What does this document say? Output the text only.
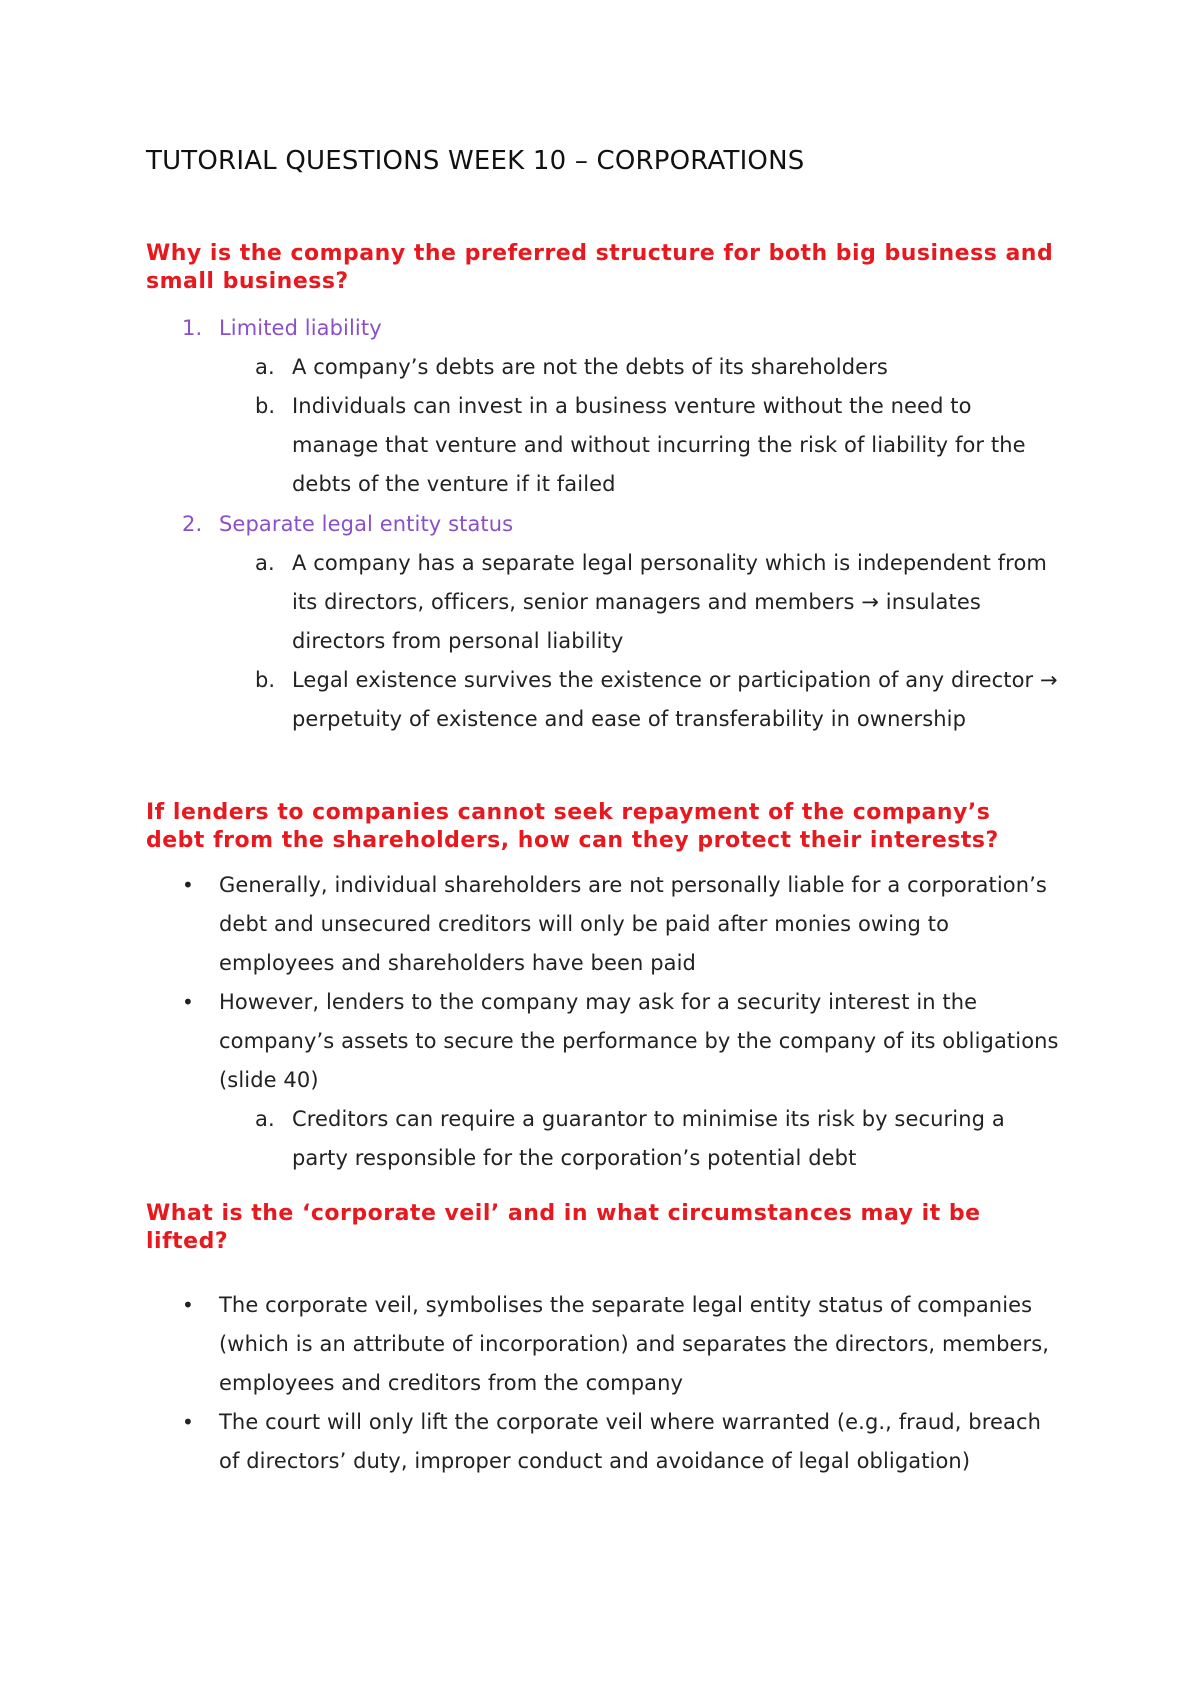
TUTORIAL QUESTIONS WEEK 10 – CORPORATIONS
Why is the company the preferred structure for both big business and small business?
1. Limited liability
a. A company’s debts are not the debts of its shareholders
b. Individuals can invest in a business venture without the need to manage that venture and without incurring the risk of liability for the debts of the venture if it failed
2. Separate legal entity status
a. A company has a separate legal personality which is independent from its directors, officers, senior managers and members → insulates directors from personal liability
b. Legal existence survives the existence or participation of any director → perpetuity of existence and ease of transferability in ownership
If lenders to companies cannot seek repayment of the company’s debt from the shareholders, how can they protect their interests?
• Generally, individual shareholders are not personally liable for a corporation’s debt and unsecured creditors will only be paid after monies owing to employees and shareholders have been paid
• However, lenders to the company may ask for a security interest in the company’s assets to secure the performance by the company of its obligations (slide 40)
a. Creditors can require a guarantor to minimise its risk by securing a party responsible for the corporation’s potential debt
What is the ‘corporate veil’ and in what circumstances may it be lifted?
• The corporate veil, symbolises the separate legal entity status of companies (which is an attribute of incorporation) and separates the directors, members, employees and creditors from the company
• The court will only lift the corporate veil where warranted (e.g., fraud, breach of directors’ duty, improper conduct and avoidance of legal obligation)
